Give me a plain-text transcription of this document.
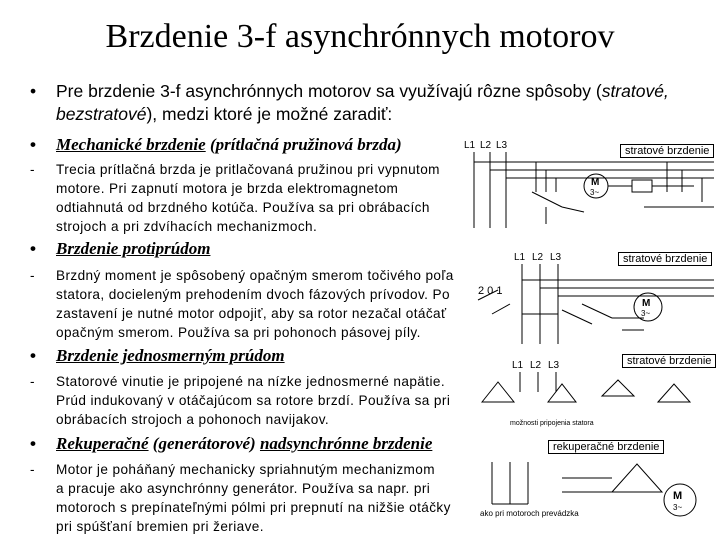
Brzdenie 3-f asynchrónnych motorov
• Pre brzdenie 3-f asynchrónnych motorov sa využívajú rôzne spôsoby (stratové, bezstratové), medzi ktoré je možné zaradiť:
• Mechanické brzdenie (prítlačná pružinová brzda)
- Trecia prítlačná brzda je pritlačovaná pružinou pri vypnutom
motore. Pri zapnutí motora je brzda elektromagnetom
odtiahnutá od brzdného kotúča. Používa sa pri obrábacích
strojoch a pri zdvíhacích mechanizmoch.
• Brzdenie protiprúdom
- Brzdný moment je spôsobený opačným smerom točivého poľa
statora, docieleným prehodením dvoch fázových prívodov. Po
zastavení je nutné motor odpojiť, aby sa rotor nezačal otáčať
opačným smerom. Používa sa pri pohonoch pásovej píly.
• Brzdenie jednosmerným prúdom
- Statorové vinutie je pripojené na nízke jednosmerné napätie.
Prúd indukovaný v otáčajúcom sa rotore brzdí. Používa sa pri
obrábacích strojoch a pohonoch navijakov.
• Rekuperačné (generátorové) nadsynchrónne brzdenie
- Motor je poháňaný mechanicky spriahnutým mechanizmom
a pracuje ako asynchrónny generátor. Používa sa napr. pri
motoroch s prepínateľnými pólmi pri prepnutí na nižšie otáčky
pri spúšťaní bremien pri žeriave.
L1 L2 L3
M
3~
stratové brzdenie
L1 L2 L3
2 0 1
M
3~
stratové brzdenie
L1 L2 L3
možnosti pripojenia statora
stratové brzdenie
ako pri motoroch prevádzka
M
3~
rekuperačné brzdenie
